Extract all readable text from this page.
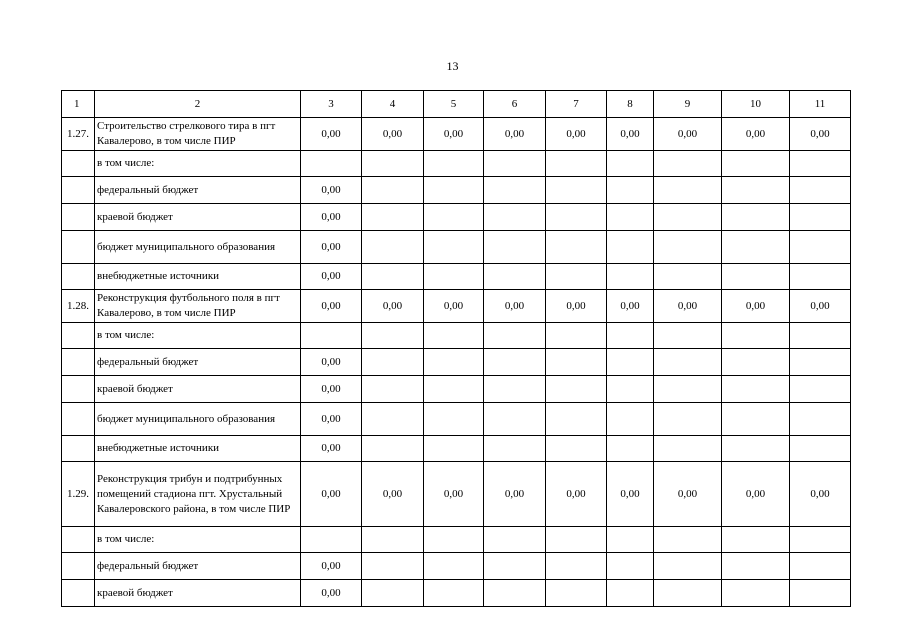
13
1	2	3	4	5	6	7	8	9	10	11
1.27.	Строительство стрелкового тира в пгт Кавалерово, в том числе ПИР	0,00	0,00	0,00	0,00	0,00	0,00	0,00	0,00	0,00
	в том числе:									
	федеральный бюджет	0,00								
	краевой бюджет	0,00								
	бюджет муниципального образования	0,00								
	внебюджетные источники	0,00								
1.28.	Реконструкция футбольного поля в пгт Кавалерово, в том числе ПИР	0,00	0,00	0,00	0,00	0,00	0,00	0,00	0,00	0,00
	в том числе:									
	федеральный бюджет	0,00								
	краевой бюджет	0,00								
	бюджет муниципального образования	0,00								
	внебюджетные источники	0,00								
1.29.	Реконструкция трибун и подтрибунных помещений стадиона пгт. Хрустальный Кавалеровского района, в том числе ПИР	0,00	0,00	0,00	0,00	0,00	0,00	0,00	0,00	0,00
	в том числе:									
	федеральный бюджет	0,00								
	краевой бюджет	0,00								
